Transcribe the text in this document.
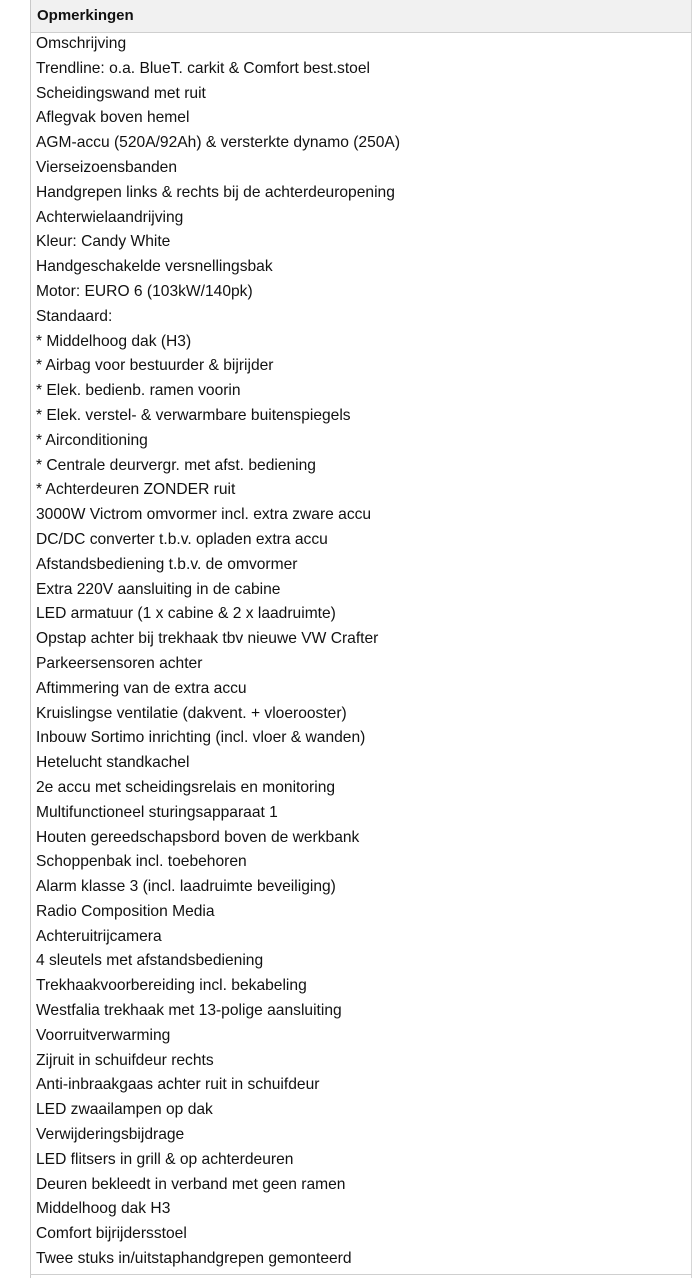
Opmerkingen
Omschrijving
Trendline: o.a. BlueT. carkit & Comfort best.stoel
Scheidingswand met ruit
Aflegvak boven hemel
AGM-accu (520A/92Ah) & versterkte dynamo (250A)
Vierseizoensbanden
Handgrepen links & rechts bij de achterdeuropening
Achterwielaandrijving
Kleur: Candy White
Handgeschakelde versnellingsbak
Motor: EURO 6 (103kW/140pk)
Standaard:
* Middelhoog dak (H3)
* Airbag voor bestuurder & bijrijder
* Elek. bedienb. ramen voorin
* Elek. verstel- & verwarmbare buitenspiegels
* Airconditioning
* Centrale deurvergr. met afst. bediening
* Achterdeuren ZONDER ruit
3000W Victrom omvormer incl. extra zware accu
DC/DC converter t.b.v. opladen extra accu
Afstandsbediening t.b.v. de omvormer
Extra 220V aansluiting in de cabine
LED armatuur (1 x cabine & 2 x laadruimte)
Opstap achter bij trekhaak tbv nieuwe VW Crafter
Parkeersensoren achter
Aftimmering van de extra accu
Kruislingse ventilatie (dakvent. + vloerooster)
Inbouw Sortimo inrichting (incl. vloer & wanden)
Hetelucht standkachel
2e accu met scheidingsrelais en monitoring
Multifunctioneel sturingsapparaat 1
Houten gereedschapsbord boven de werkbank
Schoppenbak incl. toebehoren
Alarm klasse 3 (incl. laadruimte beveiliging)
Radio Composition Media
Achteruitrijcamera
4 sleutels met afstandsbediening
Trekhaakvoorbereiding incl. bekabeling
Westfalia trekhaak met 13-polige aansluiting
Voorruitverwarming
Zijruit in schuifdeur rechts
Anti-inbraakgaas achter ruit in schuifdeur
LED zwaailampen op dak
Verwijderingsbijdrage
LED flitsers in grill & op achterdeuren
Deuren bekleedt in verband met geen ramen
Middelhoog dak H3
Comfort bijrijdersstoel
Twee stuks in/uitstaphandgrepen gemonteerd
